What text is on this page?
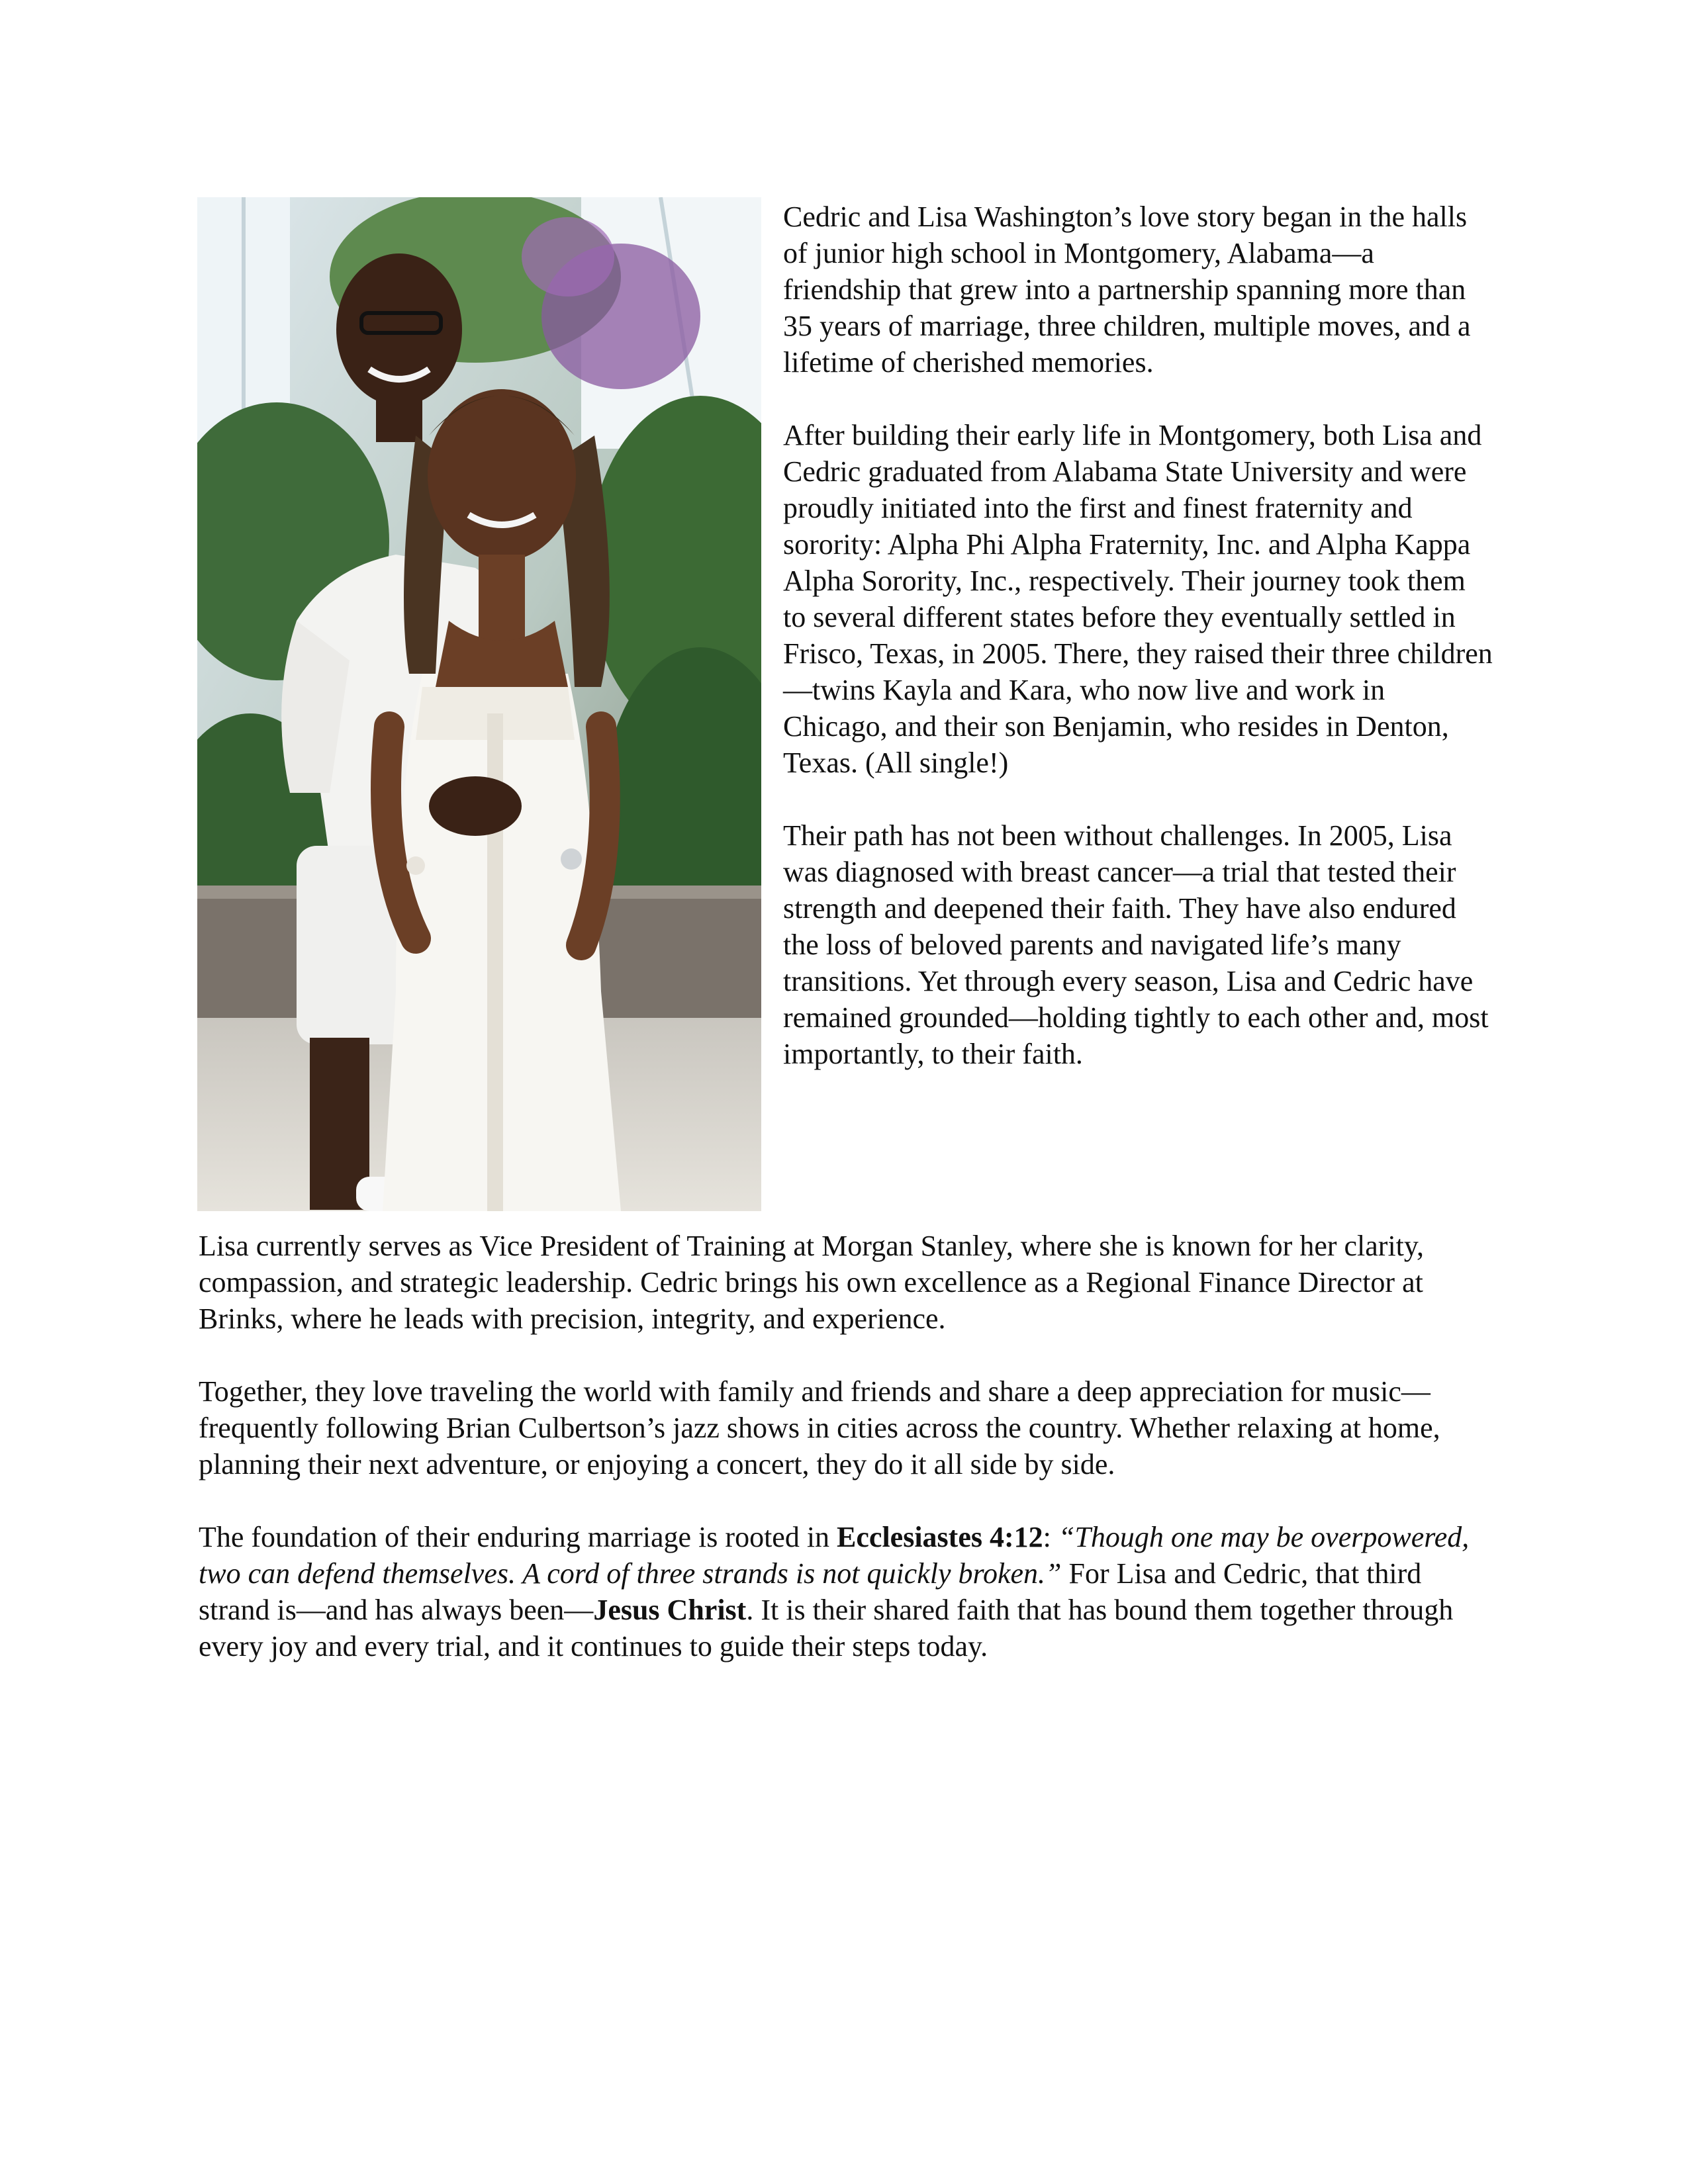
Cedric and Lisa Washington’s love story began in the halls of junior high school in Montgomery, Alabama—a friendship that grew into a partnership spanning more than 35 years of marriage, three children, multiple moves, and a lifetime of cherished memories.

After building their early life in Montgomery, both Lisa and Cedric graduated from Alabama State University and were proudly initiated into the first and finest fraternity and sorority: Alpha Phi Alpha Fraternity, Inc. and Alpha Kappa Alpha Sorority, Inc., respectively. Their journey took them to several different states before they eventually settled in Frisco, Texas, in 2005. There, they raised their three children—twins Kayla and Kara, who now live and work in Chicago, and their son Benjamin, who resides in Denton, Texas. (All single!)

Their path has not been without challenges. In 2005, Lisa was diagnosed with breast cancer—a trial that tested their strength and deepened their faith. They have also endured the loss of beloved parents and navigated life’s many transitions. Yet through every season, Lisa and Cedric have remained grounded—holding tightly to each other and, most importantly, to their faith.

Lisa currently serves as Vice President of Training at Morgan Stanley, where she is known for her clarity, compassion, and strategic leadership. Cedric brings his own excellence as a Regional Finance Director at Brinks, where he leads with precision, integrity, and experience.

Together, they love traveling the world with family and friends and share a deep appreciation for music—frequently following Brian Culbertson’s jazz shows in cities across the country. Whether relaxing at home, planning their next adventure, or enjoying a concert, they do it all side by side.

The foundation of their enduring marriage is rooted in Ecclesiastes 4:12: “Though one may be overpowered, two can defend themselves. A cord of three strands is not quickly broken.” For Lisa and Cedric, that third strand is—and has always been—Jesus Christ. It is their shared faith that has bound them together through every joy and every trial, and it continues to guide their steps today.
